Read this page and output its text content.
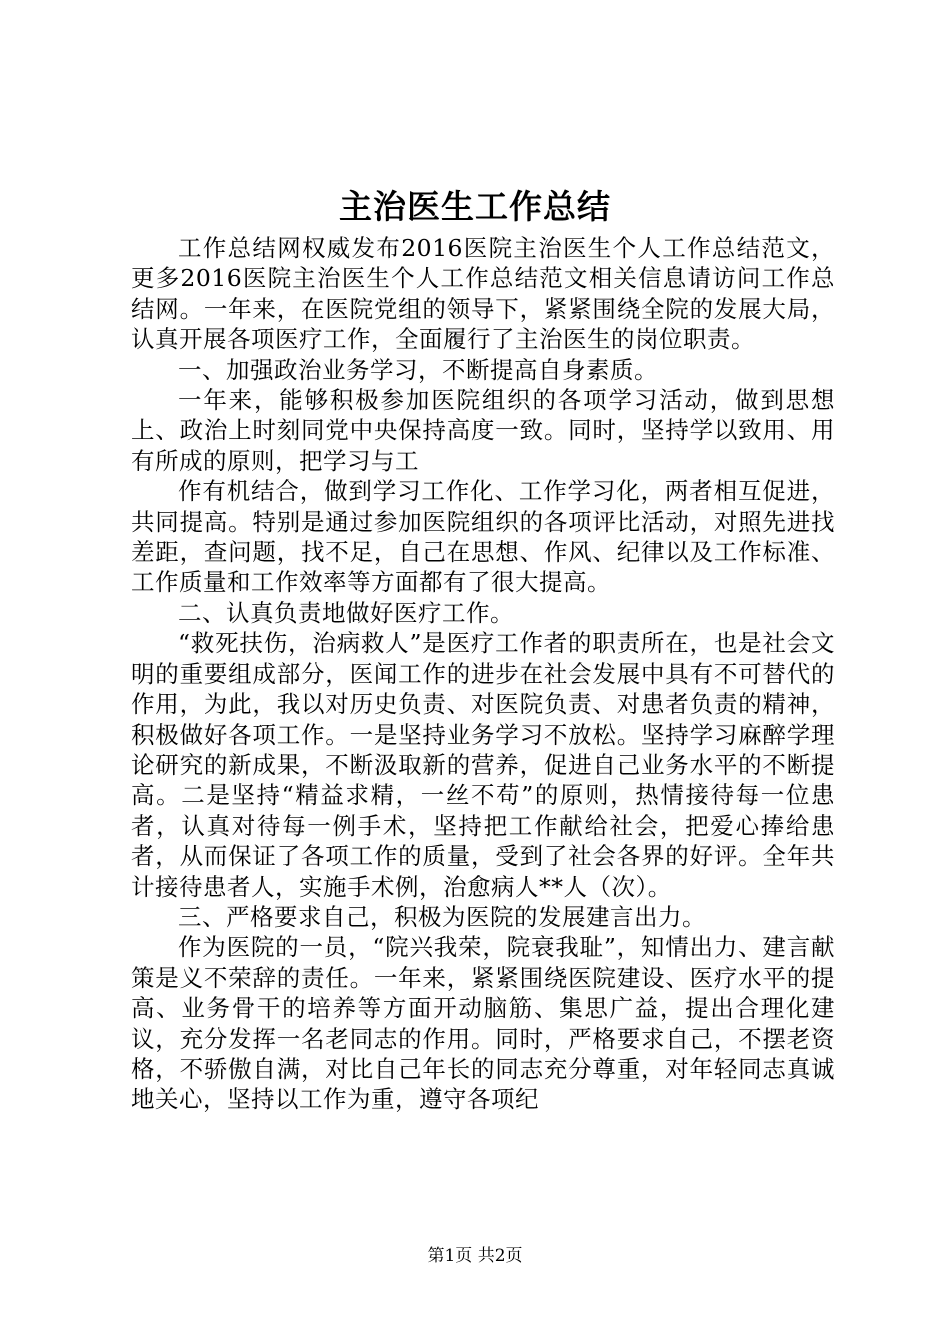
主治医生工作总结

工作总结网权威发布2016医院主治医生个人工作总结范文，更多2016医院主治医生个人工作总结范文相关信息请访问工作总结网。一年来，在医院党组的领导下，紧紧围绕全院的发展大局，认真开展各项医疗工作，全面履行了主治医生的岗位职责。

一、加强政治业务学习，不断提高自身素质。

一年来，能够积极参加医院组织的各项学习活动，做到思想上、政治上时刻同党中央保持高度一致。同时，坚持学以致用、用有所成的原则，把学习与工

作有机结合，做到学习工作化、工作学习化，两者相互促进，共同提高。特别是通过参加医院组织的各项评比活动，对照先进找差距，查问题，找不足，自己在思想、作风、纪律以及工作标准、工作质量和工作效率等方面都有了很大提高。

二、认真负责地做好医疗工作。

“救死扶伤，治病救人”是医疗工作者的职责所在，也是社会文明的重要组成部分，医闻工作的进步在社会发展中具有不可替代的作用，为此，我以对历史负责、对医院负责、对患者负责的精神，积极做好各项工作。一是坚持业务学习不放松。坚持学习麻醉学理论研究的新成果，不断汲取新的营养，促进自己业务水平的不断提高。二是坚持“精益求精，一丝不苟”的原则，热情接待每一位患者，认真对待每一例手术，坚持把工作献给社会，把爱心捧给患者，从而保证了各项工作的质量，受到了社会各界的好评。全年共计接待患者人，实施手术例，治愈病人**人（次）。

三、严格要求自己，积极为医院的发展建言出力。

作为医院的一员，“院兴我荣，院衰我耻”，知情出力、建言献策是义不荣辞的责任。一年来，紧紧围绕医院建设、医疗水平的提高、业务骨干的培养等方面开动脑筋、集思广益，提出合理化建议，充分发挥一名老同志的作用。同时，严格要求自己，不摆老资格，不骄傲自满，对比自己年长的同志充分尊重，对年轻同志真诚地关心，坚持以工作为重，遵守各项纪

第1页 共2页
